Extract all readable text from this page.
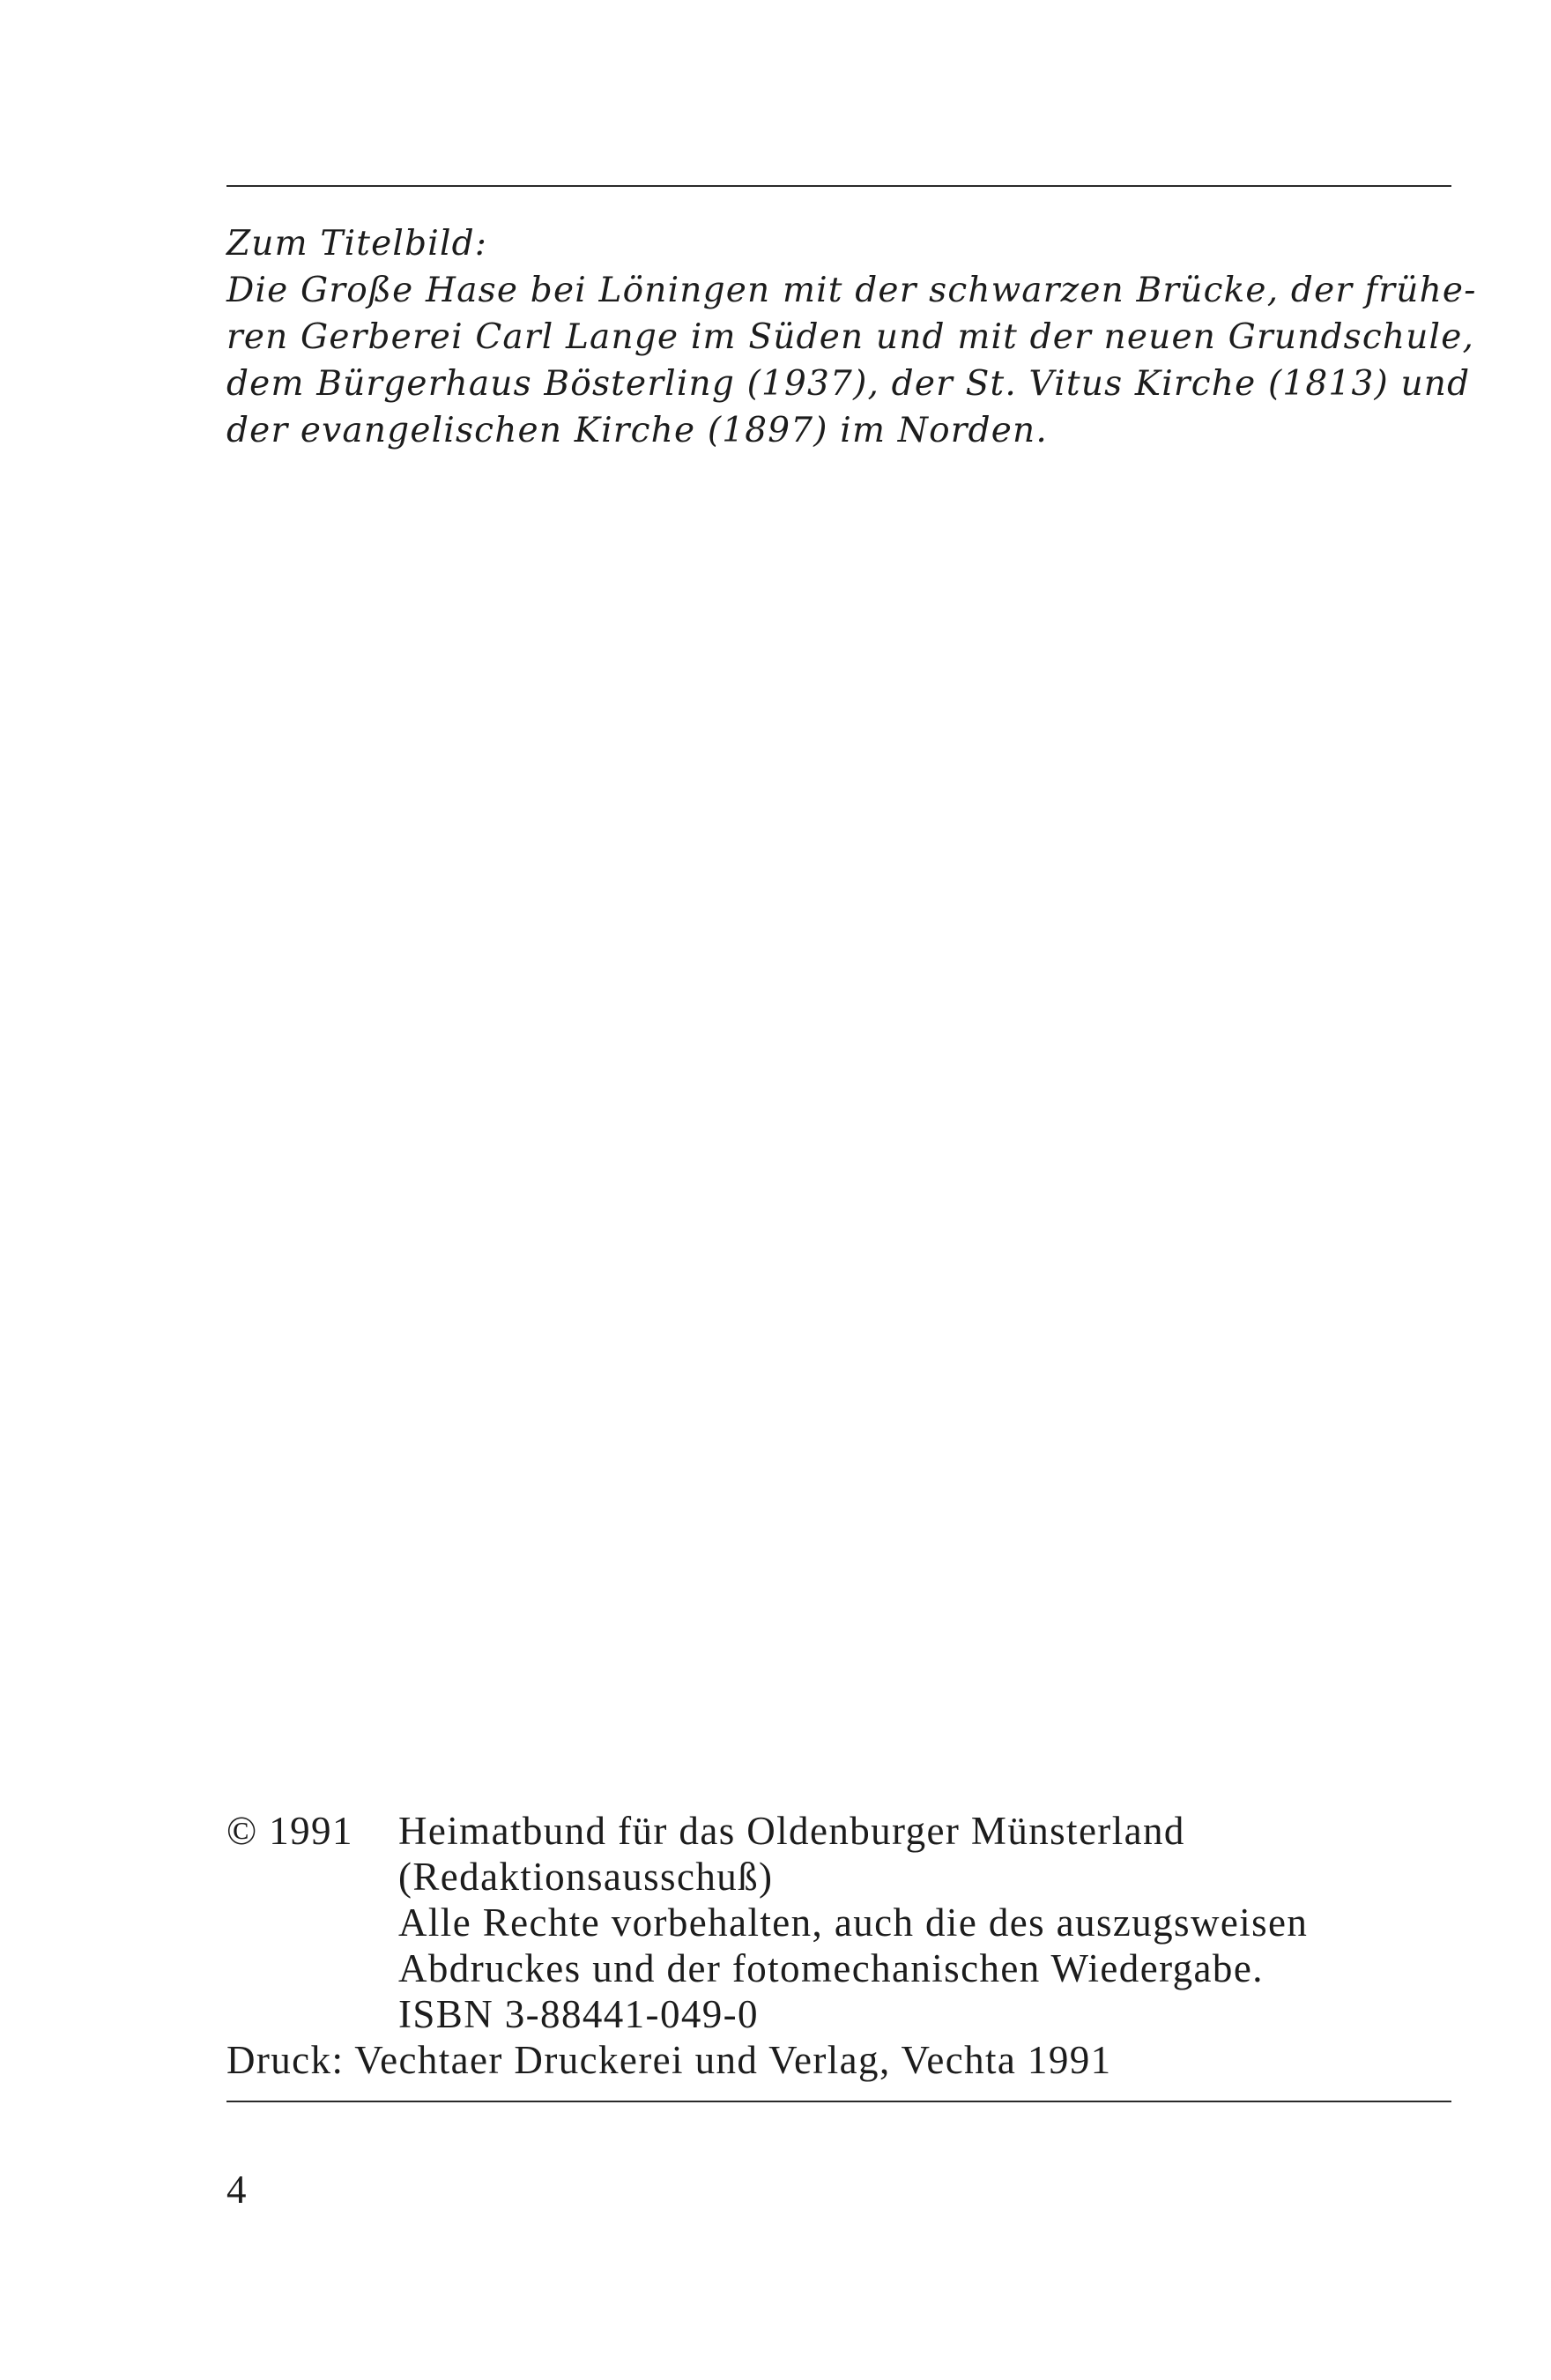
Zum Titelbild:
Die Große Hase bei Löningen mit der schwarzen Brücke, der frühe-
ren Gerberei Carl Lange im Süden und mit der neuen Grundschule,
dem Bürgerhaus Bösterling (1937), der St. Vitus Kirche (1813) und
der evangelischen Kirche (1897) im Norden.
© 1991	Heimatbund für das Oldenburger Münsterland
(Redaktionsausschuß)
Alle Rechte vorbehalten, auch die des auszugsweisen
Abdruckes und der fotomechanischen Wiedergabe.
ISBN 3-88441-049-0
Druck: Vechtaer Druckerei und Verlag, Vechta 1991
4
